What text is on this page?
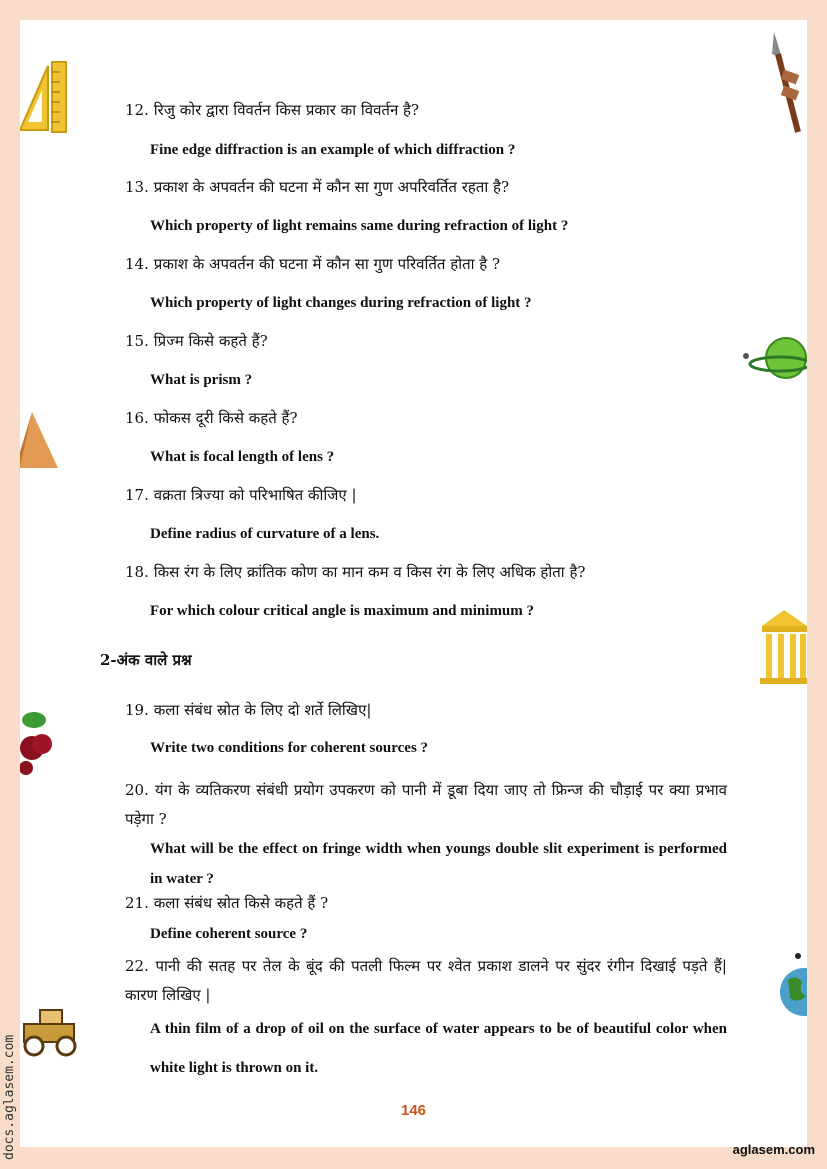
12. रिजु कोर द्वारा विवर्तन किस प्रकार का विवर्तन है?
Fine edge diffraction is an example of which diffraction ?
13. प्रकाश के अपवर्तन की घटना में कौन सा गुण अपरिवर्तित रहता है?
Which property of light remains same during refraction of light ?
14. प्रकाश के अपवर्तन की घटना में कौन सा गुण परिवर्तित होता है ?
Which property of light changes during refraction of light ?
15. प्रिज्म किसे कहते हैं?
What is prism ?
16. फोकस दूरी किसे कहते हैं?
What is focal length of lens ?
17. वक्रता त्रिज्या को परिभाषित कीजिए |
Define radius of curvature of a lens.
18. किस रंग के लिए क्रांतिक कोण का मान कम व किस रंग के लिए अधिक होता है?
For which colour critical angle is maximum and minimum ?
2-अंक वाले प्रश्न
19. कला संबंध स्रोत के लिए दो शर्ते लिखिए|
Write two conditions for coherent sources ?
20. यंग के व्यतिकरण संबंधी प्रयोग उपकरण को पानी में डूबा दिया जाए तो फ्रिन्ज की चौड़ाई पर क्या प्रभाव पड़ेगा ?
What will be the effect on fringe width when youngs double slit experiment is performed in water ?
21. कला संबंध स्रोत किसे कहते हैं ?
Define coherent source ?
22. पानी की सतह पर तेल के बूंद की पतली फिल्म पर श्वेत प्रकाश डालने पर सुंदर रंगीन दिखाई पड़ते हैं| कारण लिखिए |
A thin film of a drop of oil on the surface of water appears to be of beautiful color when white light is thrown on it.
146
docs.aglasem.com	aglasem.com
